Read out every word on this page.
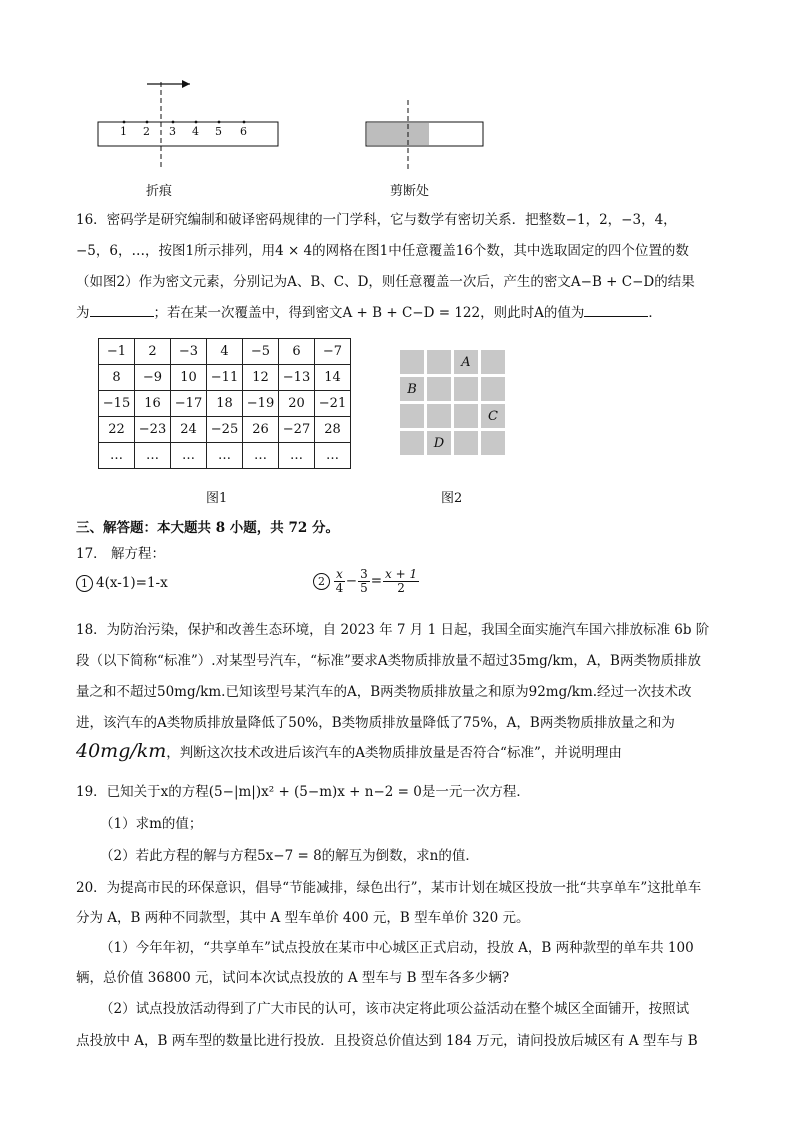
1 2 3 4 5 6
折痕	剪断处
16．密码学是研究编制和破译密码规律的一门学科，它与数学有密切关系．把整数−1，2，−3，4，
−5，6，…，按图1所示排列，用4 × 4的网格在图1中任意覆盖16个数，其中选取固定的四个位置的数
（如图2）作为密文元素，分别记为A、B、C、D，则任意覆盖一次后，产生的密文A−B + C−D的结果
为	；若在某一次覆盖中，得到密文A + B + C−D = 122，则此时A的值为	．
−1	2	−3	4	−5	6	−7
8	−9	10	−11	12	−13	14
−15	16	−17	18	−19	20	−21
22	−23	24	−25	26	−27	28
…	…	…	…	…	…	…
图1
A
B
C
D
图2
三、解答题：本大题共 8 小题，共 72 分。
17． 解方程：
1 4(x-1)=1-x	$2 \frac{x}{4} - \frac{3}{5} = \frac{x + 1}{2}$
18．为防治污染，保护和改善生态环境，自 2023 年 7 月 1 日起，我国全面实施汽车国六排放标准 6b 阶
段（以下简称“标准”）.对某型号汽车，“标准”要求A类物质排放量不超过35mg/km，A，B两类物质排放
量之和不超过50mg/km.已知该型号某汽车的A，B两类物质排放量之和原为92mg/km.经过一次技术改
进，该汽车的A类物质排放量降低了50%，B类物质排放量降低了75%，A，B两类物质排放量之和为
40mg/km，判断这次技术改进后该汽车的A类物质排放量是否符合“标准”，并说明理由
19．已知关于x的方程(5−|m|)x² + (5−m)x + n−2 = 0是一元一次方程．
（1）求m的值；
（2）若此方程的解与方程5x−7 = 8的解互为倒数，求n的值．
20．为提高市民的环保意识，倡导“节能减排，绿色出行”，某市计划在城区投放一批“共享单车”这批单车
分为 A，B 两种不同款型，其中 A 型车单价 400 元，B 型车单价 320 元。
（1）今年年初，“共享单车”试点投放在某市中心城区正式启动，投放 A，B 两种款型的单车共 100
辆，总价值 36800 元，试问本次试点投放的 A 型车与 B 型车各多少辆?
（2）试点投放活动得到了广大市民的认可，该市决定将此项公益活动在整个城区全面铺开，按照试
点投放中 A，B 两车型的数量比进行投放．且投资总价值达到 184 万元，请问投放后城区有 A 型车与 B
